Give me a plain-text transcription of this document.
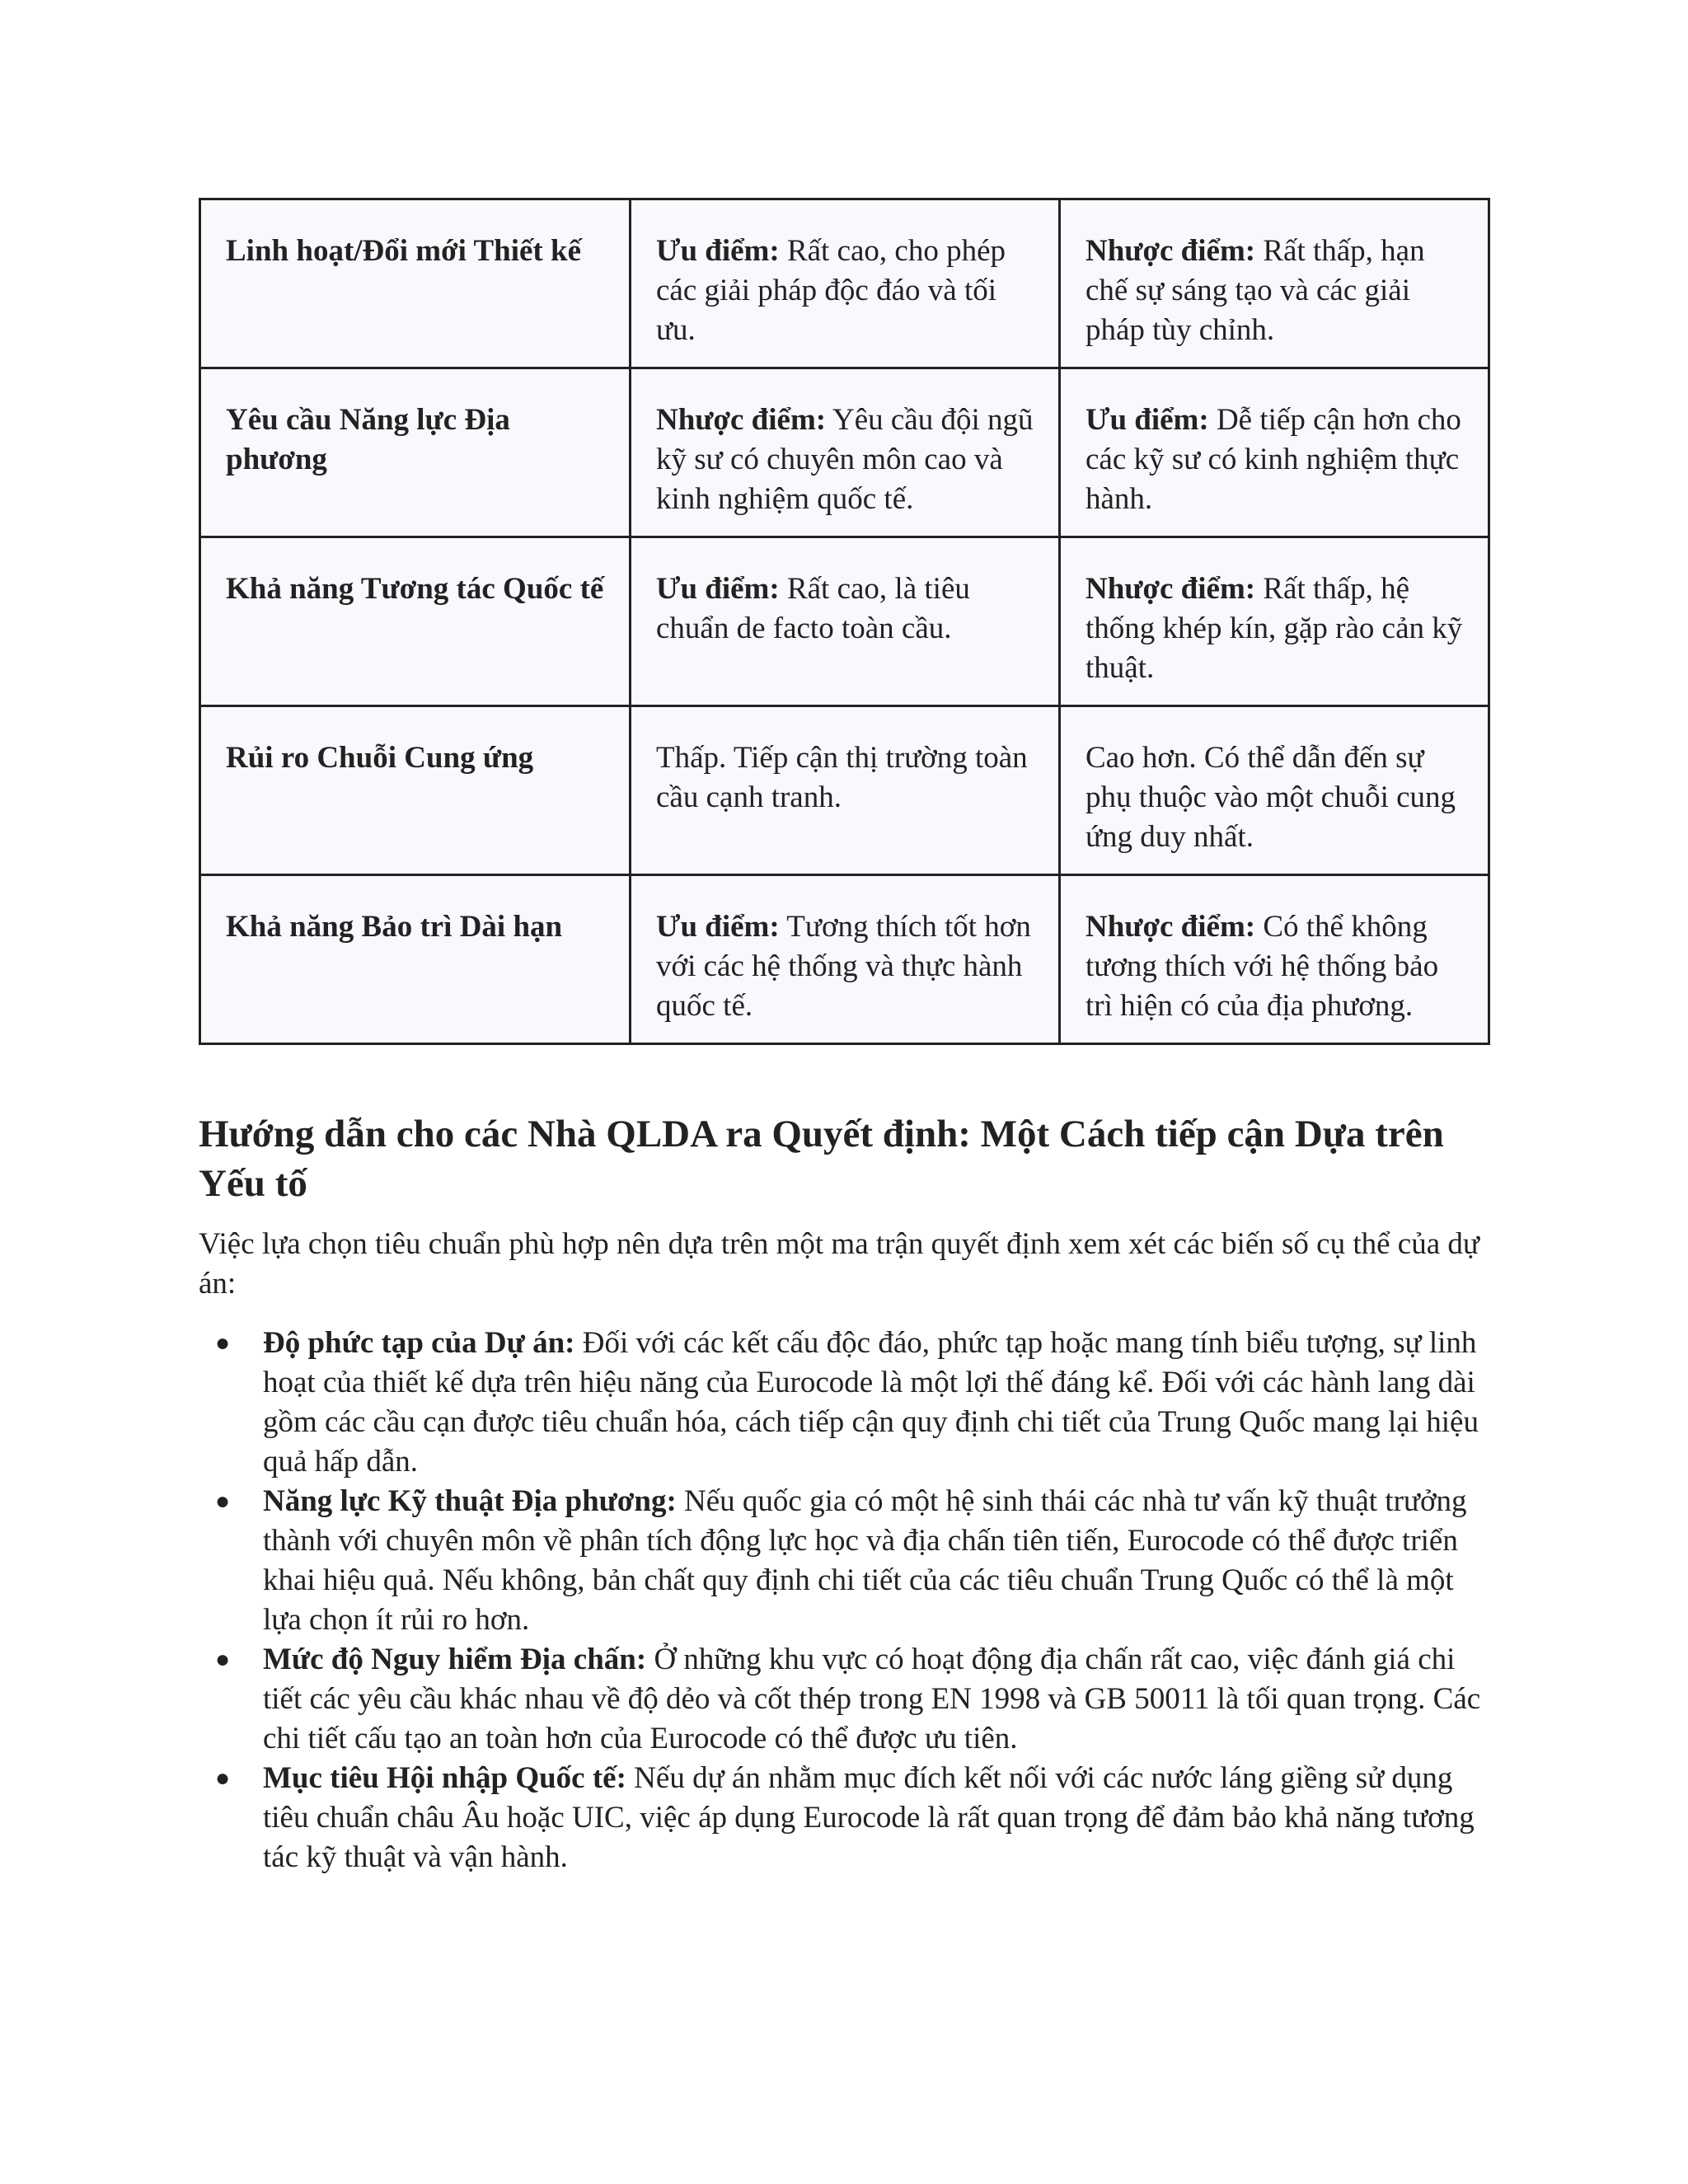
Linh hoạt/Đổi mới Thiết kế	Ưu điểm: Rất cao, cho phép các giải pháp độc đáo và tối ưu.	Nhược điểm: Rất thấp, hạn chế sự sáng tạo và các giải pháp tùy chỉnh.
Yêu cầu Năng lực Địa phương	Nhược điểm: Yêu cầu đội ngũ kỹ sư có chuyên môn cao và kinh nghiệm quốc tế.	Ưu điểm: Dễ tiếp cận hơn cho các kỹ sư có kinh nghiệm thực hành.
Khả năng Tương tác Quốc tế	Ưu điểm: Rất cao, là tiêu chuẩn de facto toàn cầu.	Nhược điểm: Rất thấp, hệ thống khép kín, gặp rào cản kỹ thuật.
Rủi ro Chuỗi Cung ứng	Thấp. Tiếp cận thị trường toàn cầu cạnh tranh.	Cao hơn. Có thể dẫn đến sự phụ thuộc vào một chuỗi cung ứng duy nhất.
Khả năng Bảo trì Dài hạn	Ưu điểm: Tương thích tốt hơn với các hệ thống và thực hành quốc tế.	Nhược điểm: Có thể không tương thích với hệ thống bảo trì hiện có của địa phương.
Hướng dẫn cho các Nhà QLDA ra Quyết định: Một Cách tiếp cận Dựa trên Yếu tố

Việc lựa chọn tiêu chuẩn phù hợp nên dựa trên một ma trận quyết định xem xét các biến số cụ thể của dự án:

● Độ phức tạp của Dự án: Đối với các kết cấu độc đáo, phức tạp hoặc mang tính biểu tượng, sự linh hoạt của thiết kế dựa trên hiệu năng của Eurocode là một lợi thế đáng kể. Đối với các hành lang dài gồm các cầu cạn được tiêu chuẩn hóa, cách tiếp cận quy định chi tiết của Trung Quốc mang lại hiệu quả hấp dẫn.
● Năng lực Kỹ thuật Địa phương: Nếu quốc gia có một hệ sinh thái các nhà tư vấn kỹ thuật trưởng thành với chuyên môn về phân tích động lực học và địa chấn tiên tiến, Eurocode có thể được triển khai hiệu quả. Nếu không, bản chất quy định chi tiết của các tiêu chuẩn Trung Quốc có thể là một lựa chọn ít rủi ro hơn.
● Mức độ Nguy hiểm Địa chấn: Ở những khu vực có hoạt động địa chấn rất cao, việc đánh giá chi tiết các yêu cầu khác nhau về độ dẻo và cốt thép trong EN 1998 và GB 50011 là tối quan trọng. Các chi tiết cấu tạo an toàn hơn của Eurocode có thể được ưu tiên.
● Mục tiêu Hội nhập Quốc tế: Nếu dự án nhằm mục đích kết nối với các nước láng giềng sử dụng tiêu chuẩn châu Âu hoặc UIC, việc áp dụng Eurocode là rất quan trọng để đảm bảo khả năng tương tác kỹ thuật và vận hành.
